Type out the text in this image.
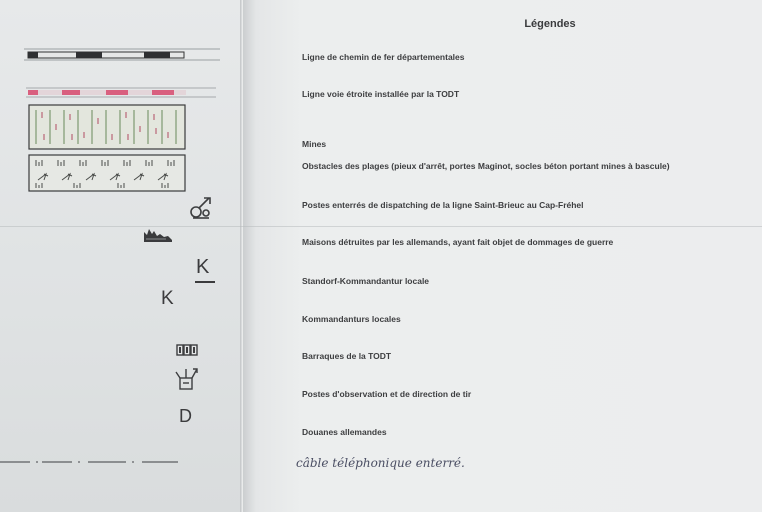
Légendes
Ligne de chemin de fer départementales
Ligne voie étroite installée par la TODT
Mines
Obstacles des plages (pieux d'arrêt, portes Maginot, socles béton portant mines à bascule)
Postes enterrés de dispatching de la ligne Saint-Brieuc au Cap-Fréhel
Maisons détruites par les allemands, ayant fait objet de dommages de guerre
Standorf-Kommandantur locale
Kommandanturs locales
Barraques de la TODT
Postes d'observation et de direction de tir
Douanes allemandes
câble téléphonique enterré.
K
K
D
